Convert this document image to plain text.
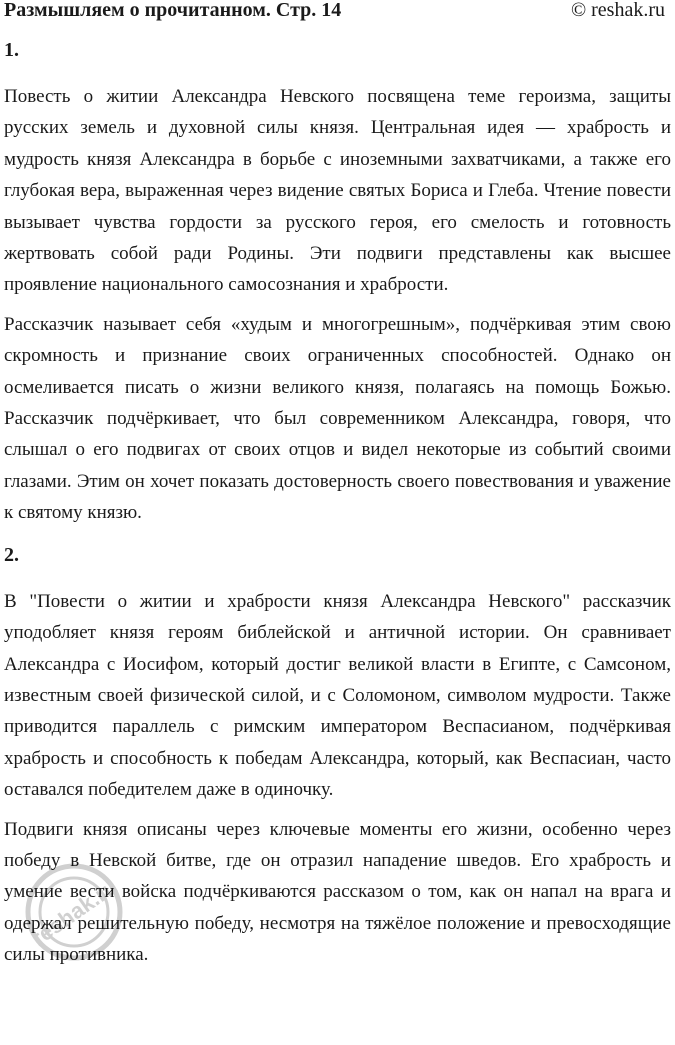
Размышляем о прочитанном. Стр. 14	© reshak.ru
1.

Повесть о житии Александра Невского посвящена теме героизма, защиты русских земель и духовной силы князя. Центральная идея — храбрость и мудрость князя Александра в борьбе с иноземными захватчиками, а также его глубокая вера, выраженная через видение святых Бориса и Глеба. Чтение повести вызывает чувства гордости за русского героя, его смелость и готовность жертвовать собой ради Родины. Эти подвиги представлены как высшее проявление национального самосознания и храбрости.

Рассказчик называет себя «худым и многогрешным», подчёркивая этим свою скромность и признание своих ограниченных способностей. Однако он осмеливается писать о жизни великого князя, полагаясь на помощь Божью. Рассказчик подчёркивает, что был современником Александра, говоря, что слышал о его подвигах от своих отцов и видел некоторые из событий своими глазами. Этим он хочет показать достоверность своего повествования и уважение к святому князю.

2.

В "Повести о житии и храбрости князя Александра Невского" рассказчик уподобляет князя героям библейской и античной истории. Он сравнивает Александра с Иосифом, который достиг великой власти в Египте, с Самсоном, известным своей физической силой, и с Соломоном, символом мудрости. Также приводится параллель с римским императором Веспасианом, подчёркивая храбрость и способность к победам Александра, который, как Веспасиан, часто оставался победителем даже в одиночку.

Подвиги князя описаны через ключевые моменты его жизни, особенно через победу в Невской битве, где он отразил нападение шведов. Его храбрость и умение вести войска подчёркиваются рассказом о том, как он напал на врага и одержал решительную победу, несмотря на тяжёлое положение и превосходящие силы противника.

reshak.ru
